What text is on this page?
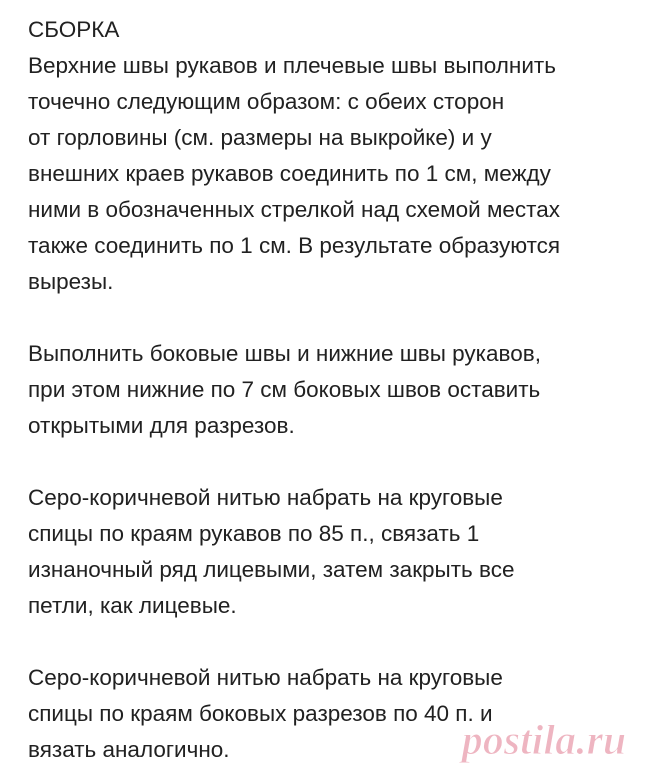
СБОРКА
Верхние швы рукавов и плечевые швы выполнить
точечно следующим образом: с обеих сторон
от горловины (см. размеры на выкройке) и у
внешних краев рукавов соединить по 1 см, между
ними в обозначенных стрелкой над схемой местах
также соединить по 1 см. В результате образуются
вырезы.
Выполнить боковые швы и нижние швы рукавов,
при этом нижние по 7 см боковых швов оставить
открытыми для разрезов.
Серо-коричневой нитью набрать на круговые
спицы по краям рукавов по 85 п., связать 1
изнаночный ряд лицевыми, затем закрыть все
петли, как лицевые.
Серо-коричневой нитью набрать на круговые
спицы по краям боковых разрезов по 40 п. и
вязать аналогично.	postila.ru
